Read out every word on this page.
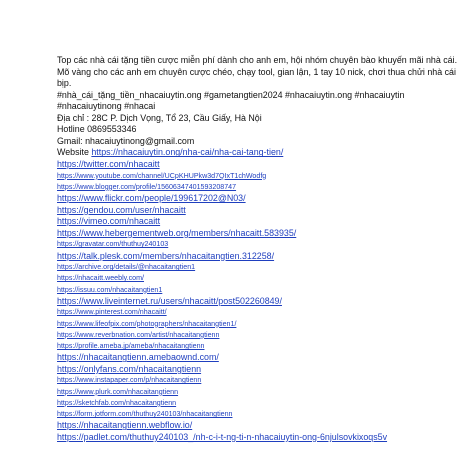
Top các nhà cái tặng tiền cược miễn phí dành cho anh em, hội nhóm chuyên bào khuyến mãi nhà cái. Mõ vàng cho các anh em chuyên cược chéo, chạy tool, gian lận, 1 tay 10 nick, chơi thua chửi nhà cái bịp.

#nhà_cái_tặng_tiền_nhacaiuytin.ong #gametangtien2024 #nhacaiuytin.ong #nhacaiuytin
#nhacaiuytinong #nhacai
Địa chỉ : 28C P. Dịch Vọng, Tổ 23, Cầu Giấy, Hà Nội
Hotline 0869553346
Gmail: nhacaiuytinong@gmail.com
Website https://nhacaiuytin.ong/nha-cai/nha-cai-tang-tien/
https://twitter.com/nhacaitt
https://www.youtube.com/channel/UCpKHUPkw3d7QIxT1chWodfg
https://www.blogger.com/profile/15606347401593208747
https://www.flickr.com/people/199617202@N03/
https://gendou.com/user/nhacaitt
https://vimeo.com/nhacaitt
https://www.hebergementweb.org/members/nhacaitt.583935/
https://gravatar.com/thuthuy240103
https://talk.plesk.com/members/nhacaitangtien.312258/
https://archive.org/details/@nhacaitangtien1
https://nhacaitt.weebly.com/
https://issuu.com/nhacaitangtien1
https://www.liveinternet.ru/users/nhacaitt/post502260849/
https://www.pinterest.com/nhacaitt/
https://www.lifeofpix.com/photographers/nhacaitangtien1/
https://www.reverbnation.com/artist/nhacaitangtienn
https://profile.ameba.jp/ameba/nhacaitangtienn
https://nhacaitangtienn.amebaownd.com/
https://onlyfans.com/nhacaitangtienn
https://www.instapaper.com/p/nhacaitangtienn
https://www.plurk.com/nhacaitangtienn
https://sketchfab.com/nhacaitangtienn
https://form.jotform.com/thuthuy240103/nhacaitangtienn
https://nhacaitangtienn.webflow.io/
https://padlet.com/thuthuy240103_/nh-c-i-t-ng-ti-n-nhacaiuytin-ong-6njulsovkixoqs5v
